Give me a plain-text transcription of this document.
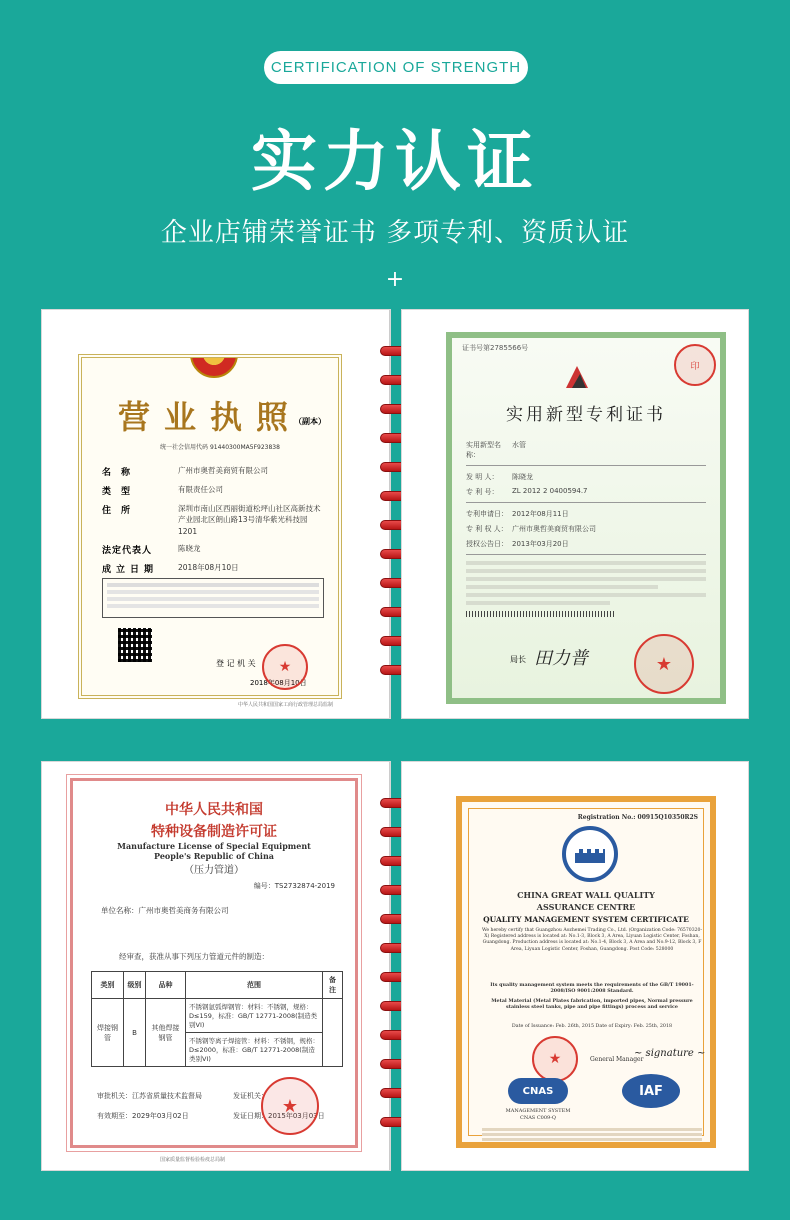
CERTIFICATION OF STRENGTH
实力认证
企业店铺荣誉证书 多项专利、资质认证
+
营业执照
（副本）
统一社会信用代码 91440300MA5F923838
名称	广州市奥哲美商贸有限公司
类型	有限责任公司
住所	深圳市南山区西丽街道松坪山社区高新技术产业园北区朗山路13号清华紫光科技园1201
法定代表人	陈晓龙
成立日期	2018年08月10日
登 记 机 关
2018年08月10日
★
中华人民共和国国家工商行政管理总局监制
证书号第2785566号
印
实用新型专利证书
实用新型名称：
水管
发 明 人：	陈晓龙
专 利 号：	ZL 2012 2 0400594.7
专利申请日： 2012年08月11日
专 利 权 人： 广州市奥哲美商贸有限公司
授权公告日： 2013年03月20日
局长 田力普	★
中华人民共和国
特种设备制造许可证
Manufacture License of Special Equipment
People's Republic of China
（压力管道）
编号：TS2732874-2019
单位名称：广州市奥哲美商务有限公司
经审查，获准从事下列压力管道元件的制造：
类别	级别	品种	范围	备注
焊接钢管	B	其他焊接钢管	不锈钢氩弧焊钢管：材料：不锈钢，规格：D≤159，标准：GB/T 12771-2008(制造类别VI)	
			不锈钢等离子焊接管：材料：不锈钢，规格：D≤2000，标准：GB/T 12771-2008(制造类别VI)	
审批机关：江苏省质量技术监督局	发证机关：
有效期至：2029年03月02日	发证日期：2015年03月03日
★
国家质量监督检验检疫总局制
Registration No.: 00915Q10350R2S
CHINA GREAT WALL QUALITY
ASSURANCE CENTRE
QUALITY MANAGEMENT SYSTEM CERTIFICATE
We hereby certify that Guangzhou Aozhemei Trading Co., Ltd. (Organization Code: 76570320-X) Registered address is located at: No.1-3, Block 3, A Area, Liyuan Logistic Center, Foshan, Guangdong. Production address is located at: No.1-4, Block 3, A Area and No.9-12, Block 3, F Area, Liyuan Logistic Center, Foshan, Guangdong. Post Code: 528000
Its quality management system meets the requirements of the GB/T 19001-2008/ISO 9001:2008 Standard.
Metal Material (Metal Plates fabrication, imported pipes, Normal pressure stainless steel tanks, pipe and pipe fittings) process and service
Date of Issuance: Feb. 26th, 2015 Date of Expiry: Feb. 25th, 2018
★	General Manager
~ signature ~
CNAS
MANAGEMENT SYSTEM
CNAS C009-Q
IAF
